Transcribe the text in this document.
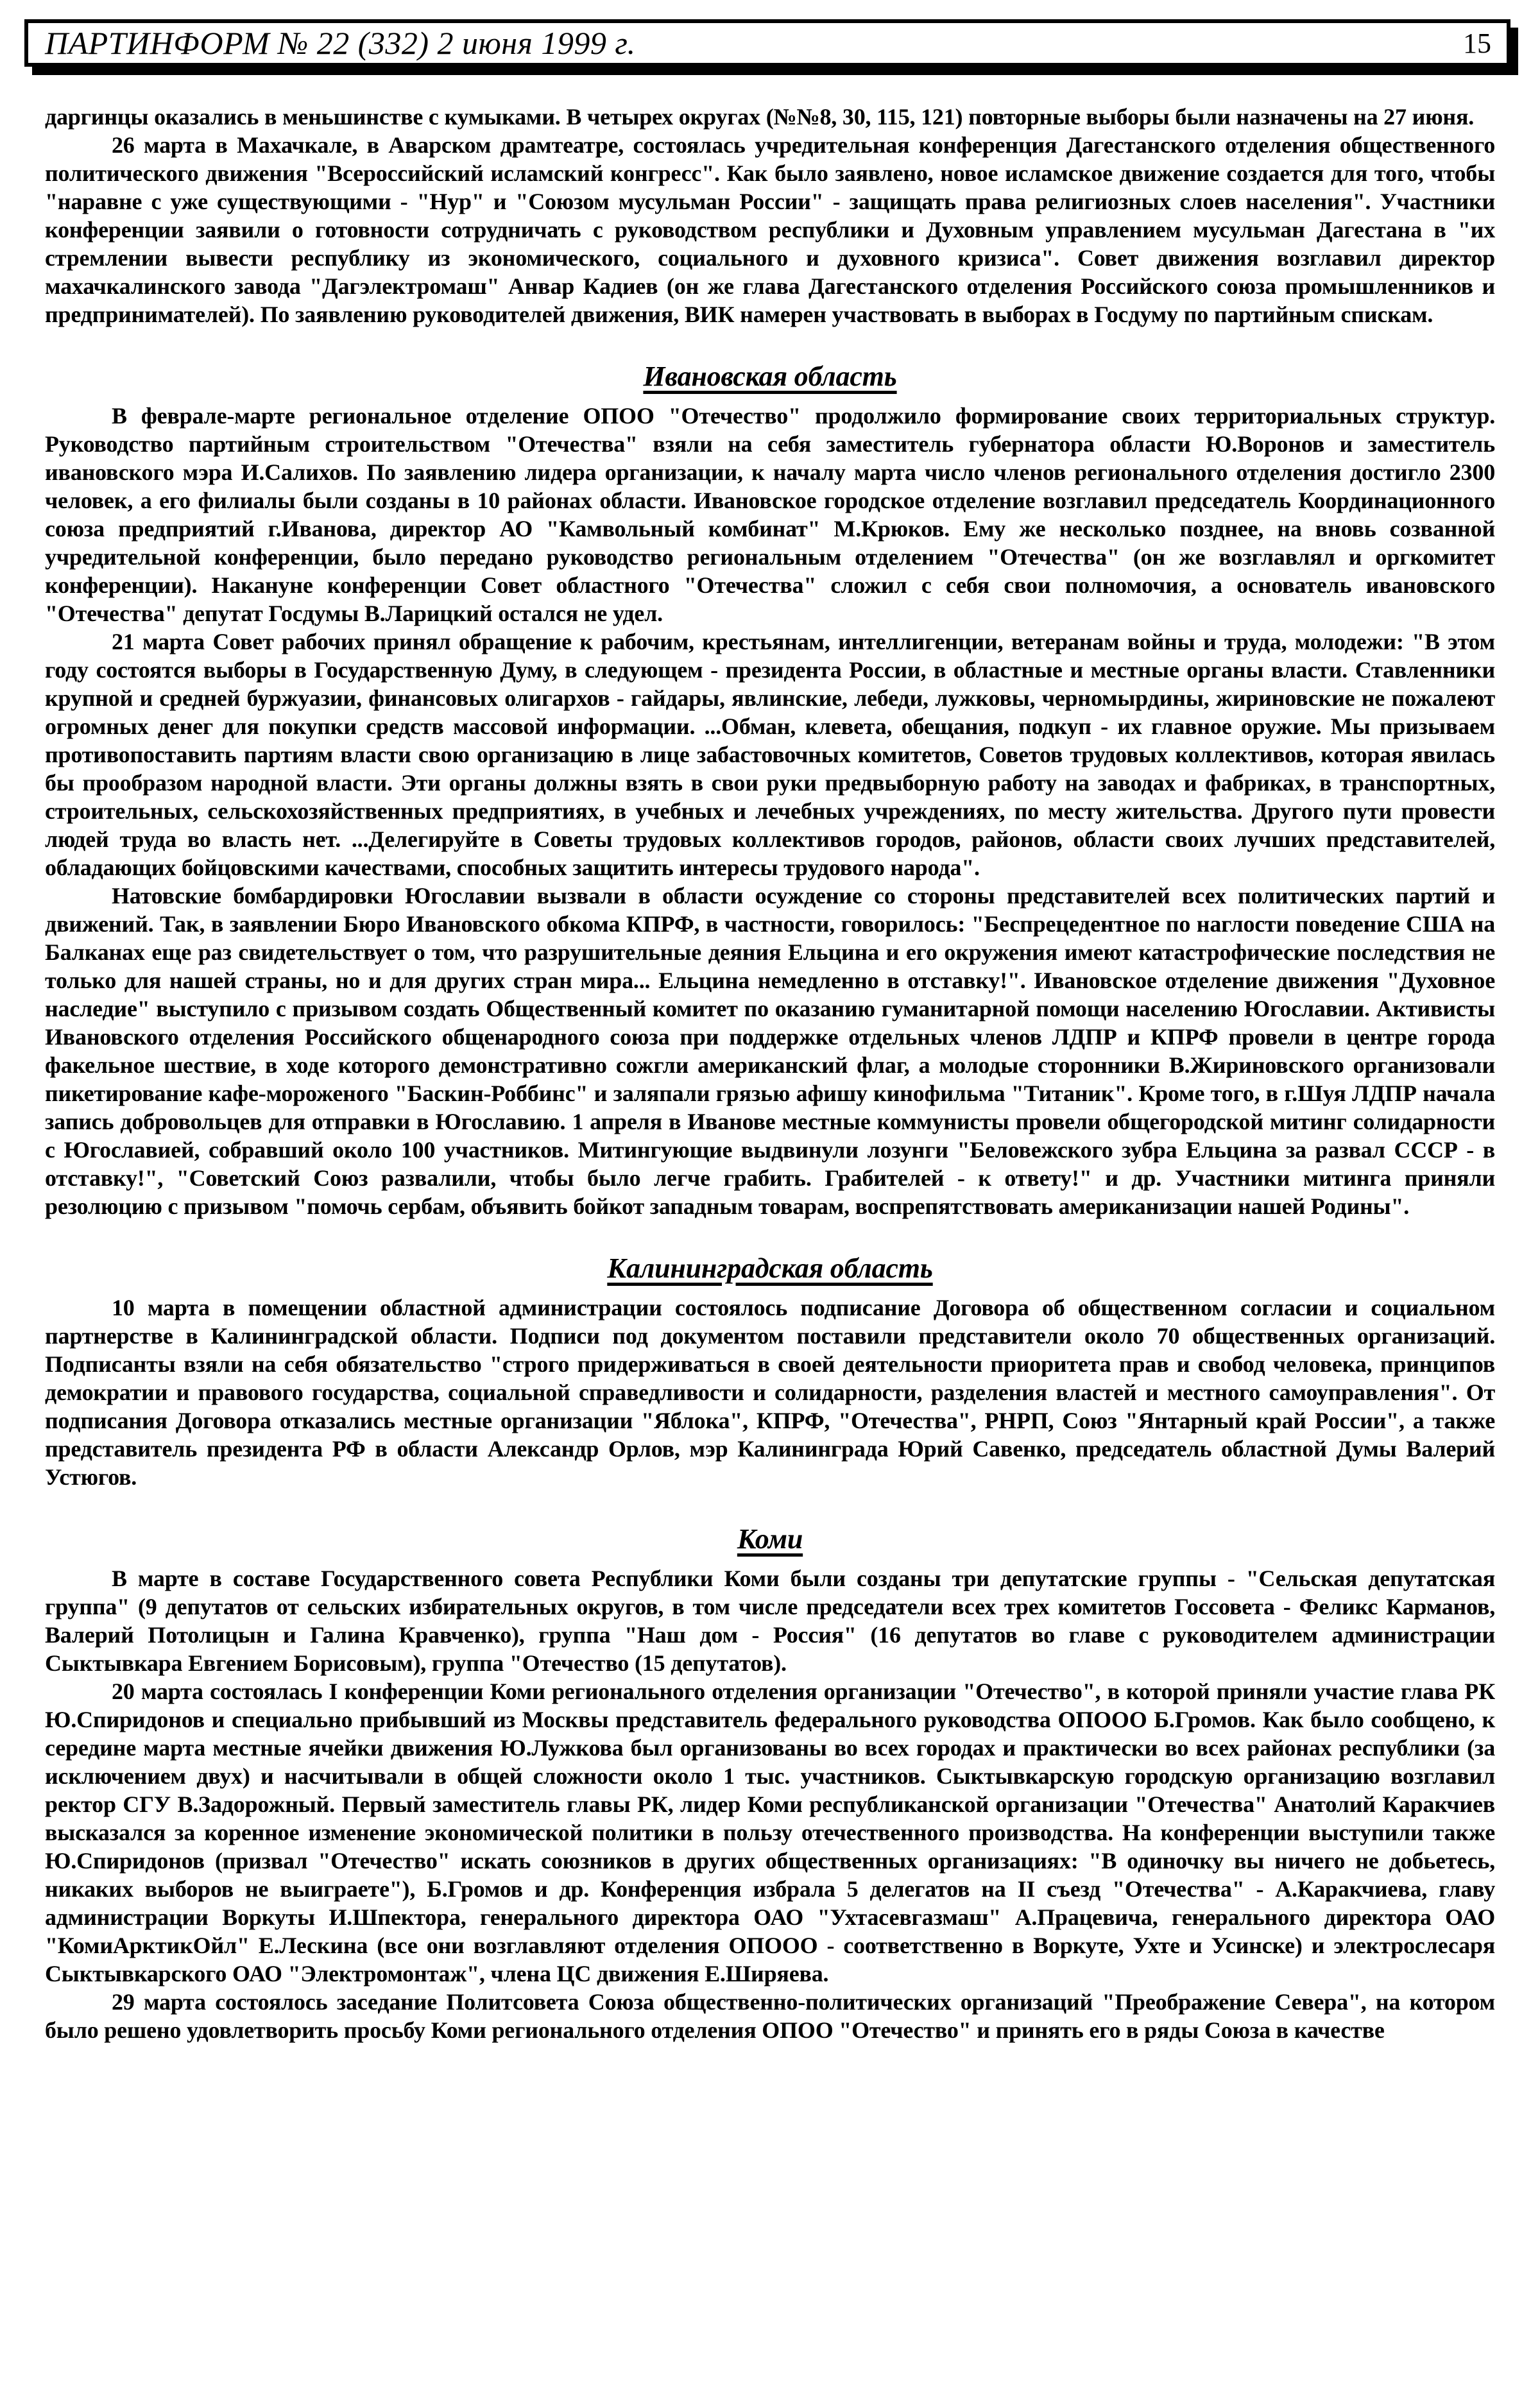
ПАРТИНФОРМ № 22 (332) 2 июня 1999 г.	15

даргинцы оказались в меньшинстве с кумыками. В четырех округах (№№8, 30, 115, 121) повторные выборы были назначены на 27 июня.

26 марта в Махачкале, в Аварском драмтеатре, состоялась учредительная конференция Дагестанского отделения общественного политического движения "Всероссийский исламский конгресс". Как было заявлено, новое исламское движение создается для того, чтобы "наравне с уже существующими - "Нур" и "Союзом мусульман России" - защищать права религиозных слоев населения". Участники конференции заявили о готовности сотрудничать с руководством республики и Духовным управлением мусульман Дагестана в "их стремлении вывести республику из экономического, социального и духовного кризиса". Совет движения возглавил директор махачкалинского завода "Дагэлектромаш" Анвар Кадиев (он же глава Дагестанского отделения Российского союза промышленников и предпринимателей). По заявлению руководителей движения, ВИК намерен участвовать в выборах в Госдуму по партийным спискам.

Ивановская область

В феврале-марте региональное отделение ОПОО "Отечество" продолжило формирование своих территориальных структур. Руководство партийным строительством "Отечества" взяли на себя заместитель губернатора области Ю.Воронов и заместитель ивановского мэра И.Салихов. По заявлению лидера организации, к началу марта число членов регионального отделения достигло 2300 человек, а его филиалы были созданы в 10 районах области. Ивановское городское отделение возглавил председатель Координационного союза предприятий г.Иванова, директор АО "Камвольный комбинат" М.Крюков. Ему же несколько позднее, на вновь созванной учредительной конференции, было передано руководство региональным отделением "Отечества" (он же возглавлял и оргкомитет конференции). Накануне конференции Совет областного "Отечества" сложил с себя свои полномочия, а основатель ивановского "Отечества" депутат Госдумы В.Ларицкий остался не удел.

21 марта Совет рабочих принял обращение к рабочим, крестьянам, интеллигенции, ветеранам войны и труда, молодежи: "В этом году состоятся выборы в Государственную Думу, в следующем - президента России, в областные и местные органы власти. Ставленники крупной и средней буржуазии, финансовых олигархов - гайдары, явлинские, лебеди, лужковы, черномырдины, жириновские не пожалеют огромных денег для покупки средств массовой информации. ...Обман, клевета, обещания, подкуп - их главное оружие. Мы призываем противопоставить партиям власти свою организацию в лице забастовочных комитетов, Советов трудовых коллективов, которая явилась бы прообразом народной власти. Эти органы должны взять в свои руки предвыборную работу на заводах и фабриках, в транспортных, строительных, сельскохозяйственных предприятиях, в учебных и лечебных учреждениях, по месту жительства. Другого пути провести людей труда во власть нет. ...Делегируйте в Советы трудовых коллективов городов, районов, области своих лучших представителей, обладающих бойцовскими качествами, способных защитить интересы трудового народа".

Натовские бомбардировки Югославии вызвали в области осуждение со стороны представителей всех политических партий и движений. Так, в заявлении Бюро Ивановского обкома КПРФ, в частности, говорилось: "Беспрецедентное по наглости поведение США на Балканах еще раз свидетельствует о том, что разрушительные деяния Ельцина и его окружения имеют катастрофические последствия не только для нашей страны, но и для других стран мира... Ельцина немедленно в отставку!". Ивановское отделение движения "Духовное наследие" выступило с призывом создать Общественный комитет по оказанию гуманитарной помощи населению Югославии. Активисты Ивановского отделения Российского общенародного союза при поддержке отдельных членов ЛДПР и КПРФ провели в центре города факельное шествие, в ходе которого демонстративно сожгли американский флаг, а молодые сторонники В.Жириновского организовали пикетирование кафе-мороженого "Баскин-Роббинс" и заляпали грязью афишу кинофильма "Титаник". Кроме того, в г.Шуя ЛДПР начала запись добровольцев для отправки в Югославию. 1 апреля в Иванове местные коммунисты провели общегородской митинг солидарности с Югославией, собравший около 100 участников. Митингующие выдвинули лозунги "Беловежского зубра Ельцина за развал СССР - в отставку!", "Советский Союз развалили, чтобы было легче грабить. Грабителей - к ответу!" и др. Участники митинга приняли резолюцию с призывом "помочь сербам, объявить бойкот западным товарам, воспрепятствовать американизации нашей Родины".

Калининградская область

10 марта в помещении областной администрации состоялось подписание Договора об общественном согласии и социальном партнерстве в Калининградской области. Подписи под документом поставили представители около 70 общественных организаций. Подписанты взяли на себя обязательство "строго придерживаться в своей деятельности приоритета прав и свобод человека, принципов демократии и правового государства, социальной справедливости и солидарности, разделения властей и местного самоуправления". От подписания Договора отказались местные организации "Яблока", КПРФ, "Отечества", РНРП, Союз "Янтарный край России", а также представитель президента РФ в области Александр Орлов, мэр Калининграда Юрий Савенко, председатель областной Думы Валерий Устюгов.

Коми

В марте в составе Государственного совета Республики Коми были созданы три депутатские группы - "Сельская депутатская группа" (9 депутатов от сельских избирательных округов, в том числе председатели всех трех комитетов Госсовета - Феликс Карманов, Валерий Потолицын и Галина Кравченко), группа "Наш дом - Россия" (16 депутатов во главе с руководителем администрации Сыктывкара Евгением Борисовым), группа "Отечество (15 депутатов).

20 марта состоялась I конференции Коми регионального отделения организации "Отечество", в которой приняли участие глава РК Ю.Спиридонов и специально прибывший из Москвы представитель федерального руководства ОПООО Б.Громов. Как было сообщено, к середине марта местные ячейки движения Ю.Лужкова был организованы во всех городах и практически во всех районах республики (за исключением двух) и насчитывали в общей сложности около 1 тыс. участников. Сыктывкарскую городскую организацию возглавил ректор СГУ В.Задорожный. Первый заместитель главы РК, лидер Коми республиканской организации "Отечества" Анатолий Каракчиев высказался за коренное изменение экономической политики в пользу отечественного производства. На конференции выступили также Ю.Спиридонов (призвал "Отечество" искать союзников в других общественных организациях: "В одиночку вы ничего не добьетесь, никаких выборов не выиграете"), Б.Громов и др. Конференция избрала 5 делегатов на II съезд "Отечества" - А.Каракчиева, главу администрации Воркуты И.Шпектора, генерального директора ОАО "Ухтасевгазмаш" А.Працевича, генерального директора ОАО "КомиАрктикОйл" Е.Лескина (все они возглавляют отделения ОПООО - соответственно в Воркуте, Ухте и Усинске) и электрослесаря Сыктывкарского ОАО "Электромонтаж", члена ЦС движения Е.Ширяева.

29 марта состоялось заседание Политсовета Союза общественно-политических организаций "Преображение Севера", на котором было решено удовлетворить просьбу Коми регионального отделения ОПОО "Отечество" и принять его в ряды Союза в качестве
